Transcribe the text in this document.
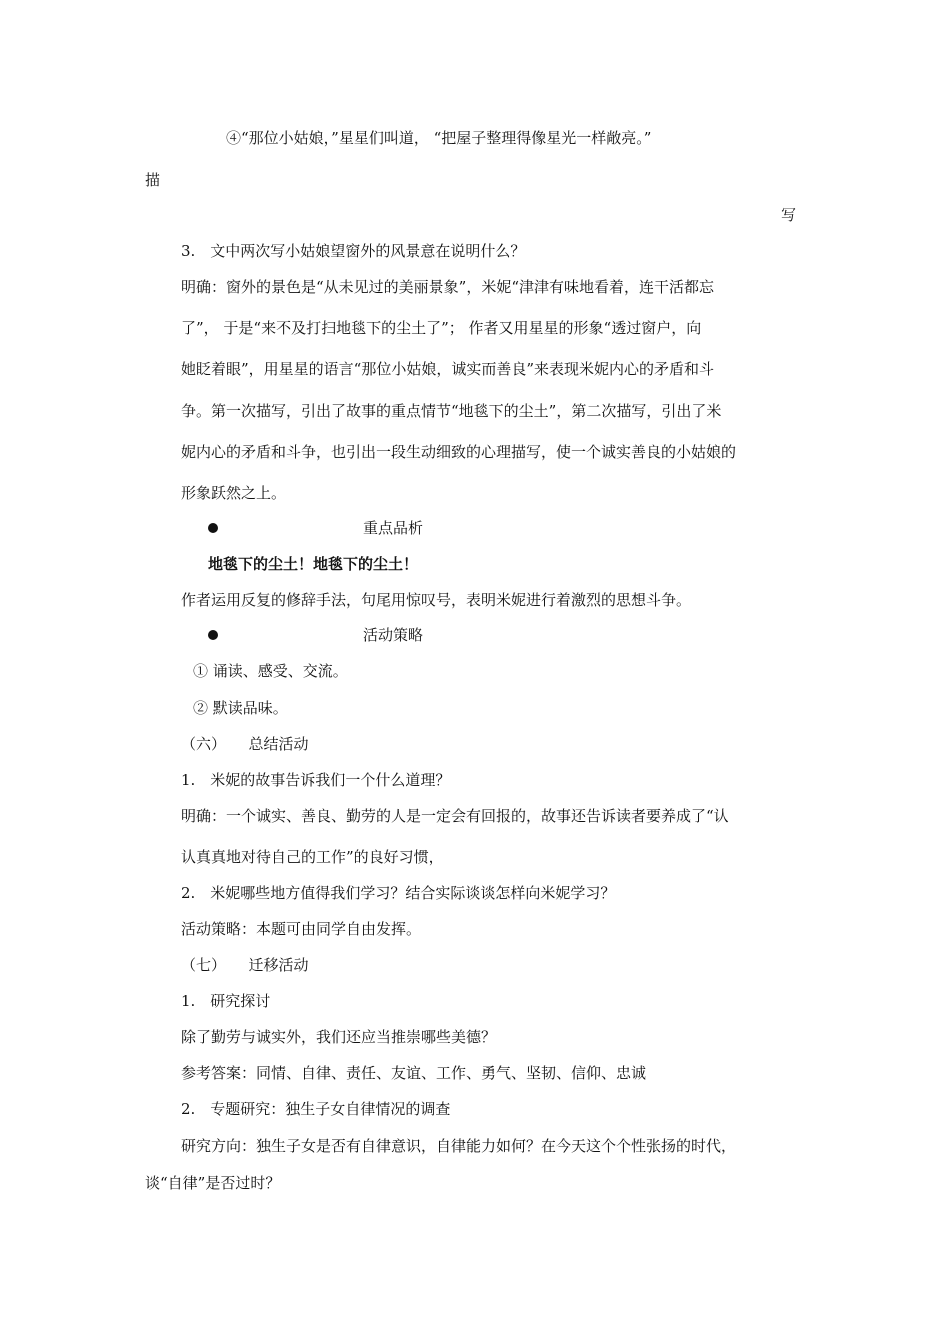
④“那位小姑娘，”星星们叫道， “把屋子整理得像星光一样敞亮。”
描
写
3.　文中两次写小姑娘望窗外的风景意在说明什么？
明确：窗外的景色是“从未见过的美丽景象”，米妮“津津有味地看着，连干活都忘
了”， 于是“来不及打扫地毯下的尘土了”； 作者又用星星的形象“透过窗户，向
她眨着眼”，用星星的语言“那位小姑娘，诚实而善良”来表现米妮内心的矛盾和斗
争。第一次描写，引出了故事的重点情节“地毯下的尘土”，第二次描写，引出了米
妮内心的矛盾和斗争，也引出一段生动细致的心理描写，使一个诚实善良的小姑娘的
形象跃然之上。
重点品析
地毯下的尘土！地毯下的尘土！
作者运用反复的修辞手法，句尾用惊叹号，表明米妮进行着激烈的思想斗争。
活动策略
① 诵读、感受、交流。
② 默读品味。
（六）　　总结活动
1.　米妮的故事告诉我们一个什么道理？
明确：一个诚实、善良、勤劳的人是一定会有回报的，故事还告诉读者要养成了“认
认真真地对待自己的工作”的良好习惯，
2.　米妮哪些地方值得我们学习？结合实际谈谈怎样向米妮学习？
活动策略：本题可由同学自由发挥。
（七）　　迁移活动
1.　研究探讨
除了勤劳与诚实外，我们还应当推崇哪些美德？
参考答案：同情、自律、责任、友谊、工作、勇气、坚韧、信仰、忠诚
2.　专题研究：独生子女自律情况的调查
研究方向：独生子女是否有自律意识，自律能力如何？在今天这个个性张扬的时代，
谈“自律”是否过时？
